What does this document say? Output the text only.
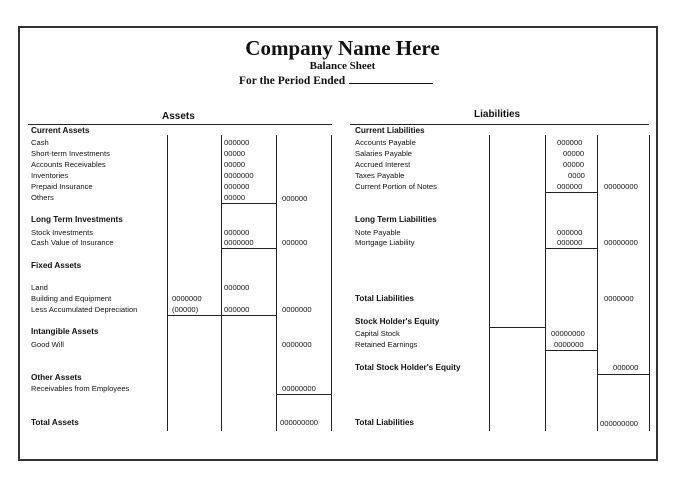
Company Name Here
Balance Sheet
For the Period Ended
Assets
Current Assets
Cash	000000
Short-term Investments	00000
Accounts Receivables	00000
Inventories	0000000
Prepaid Insurance	000000
Others	00000	000000
Long Term Investments
Stock Investments	000000
Cash Value of Insurance	0000000	000000
Fixed Assets
Land	000000
Building and Equipment	0000000
Less Accumulated Depreciation	(00000)	000000	0000000
Intangible Assets
Good Will	0000000
Other Assets
Receivables from Employees	00000000
Total Assets	000000000
Liabilities
Current Liabilities
Accounts Payable	000000
Salaries Payable	00000
Accrued Interest	00000
Taxes Payable	0000
Current Portion of Notes	000000	00000000
Long Term Liabilities
Note Payable	000000
Mortgage Liability	000000	00000000
Total Liabilities	0000000
Stock Holder's Equity
Capital Stock	00000000
Retained Earnings	0000000
Total Stock Holder's Equity	000000
Total Liabilities	000000000
